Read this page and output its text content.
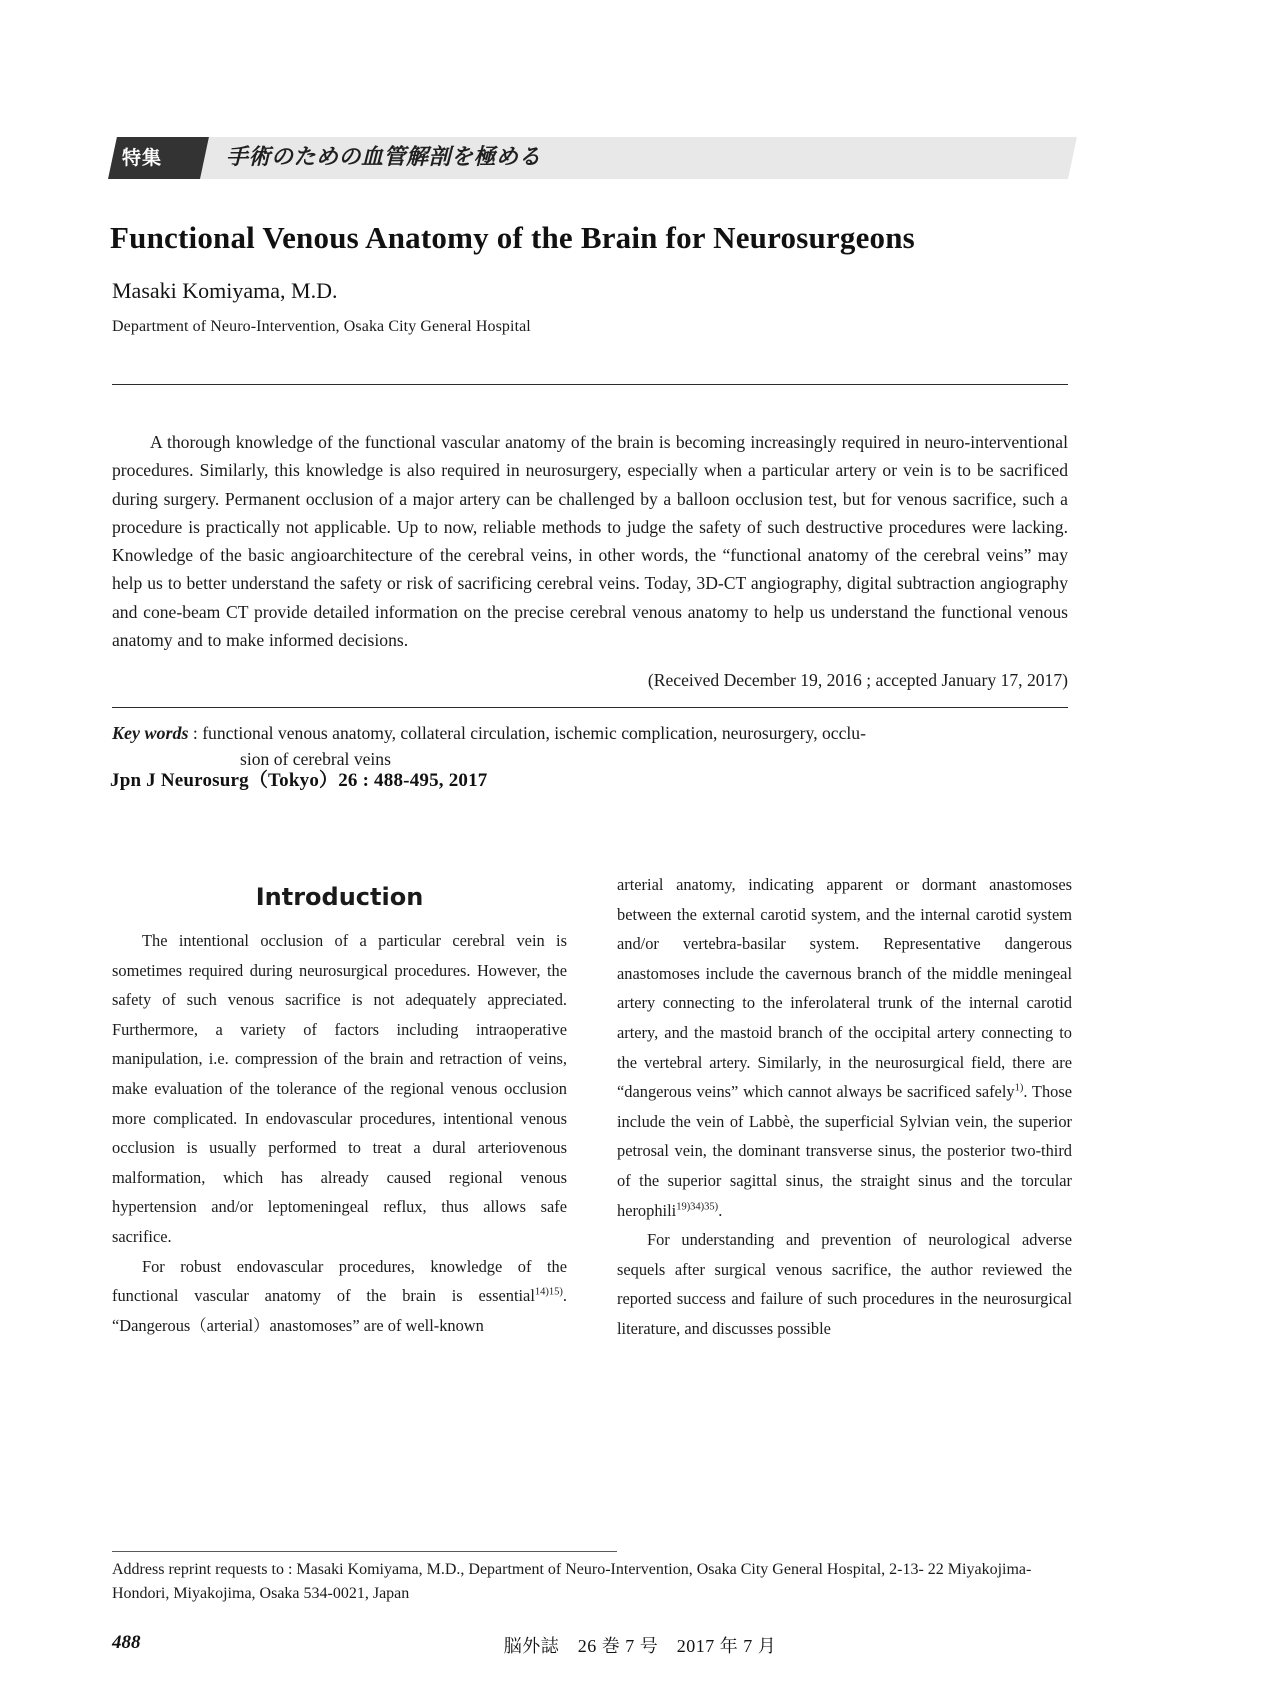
特集	手術のための血管解剖を極める
Functional Venous Anatomy of the Brain for Neurosurgeons
Masaki Komiyama, M.D.
Department of Neuro-Intervention, Osaka City General Hospital
A thorough knowledge of the functional vascular anatomy of the brain is becoming increasingly required in neuro-interventional procedures. Similarly, this knowledge is also required in neurosurgery, especially when a particular artery or vein is to be sacrificed during surgery. Permanent occlusion of a major artery can be challenged by a balloon occlusion test, but for venous sacrifice, such a procedure is practically not applicable. Up to now, reliable methods to judge the safety of such destructive procedures were lacking. Knowledge of the basic angioarchitecture of the cerebral veins, in other words, the “functional anatomy of the cerebral veins” may help us to better understand the safety or risk of sacrificing cerebral veins. Today, 3D-CT angiography, digital subtraction angiography and cone-beam CT provide detailed information on the precise cerebral venous anatomy to help us understand the functional venous anatomy and to make informed decisions.
(Received December 19, 2016 ; accepted January 17, 2017)
Key words : functional venous anatomy, collateral circulation, ischemic complication, neurosurgery, occlu-
sion of cerebral veins
Jpn J Neurosurg（Tokyo）26 : 488-495, 2017
Introduction

The intentional occlusion of a particular cerebral vein is sometimes required during neurosurgical procedures. However, the safety of such venous sacrifice is not adequately appreciated. Furthermore, a variety of factors including intraoperative manipulation, i.e. compression of the brain and retraction of veins, make evaluation of the tolerance of the regional venous occlusion more complicated. In endovascular procedures, intentional venous occlusion is usually performed to treat a dural arteriovenous malformation, which has already caused regional venous hypertension and/or leptomeningeal reflux, thus allows safe sacrifice.

For robust endovascular procedures, knowledge of the functional vascular anatomy of the brain is essential$^{14)15)}$. “Dangerous（arterial）anastomoses” are of well-known

arterial anatomy, indicating apparent or dormant anastomoses between the external carotid system, and the internal carotid system and/or vertebra-basilar system. Representative dangerous anastomoses include the cavernous branch of the middle meningeal artery connecting to the inferolateral trunk of the internal carotid artery, and the mastoid branch of the occipital artery connecting to the vertebral artery. Similarly, in the neurosurgical field, there are “dangerous veins” which cannot always be sacrificed safely$^{1)}$. Those include the vein of Labbè, the superficial Sylvian vein, the superior petrosal vein, the dominant transverse sinus, the posterior two-third of the superior sagittal sinus, the straight sinus and the torcular herophili$^{19)34)35)}$.

For understanding and prevention of neurological adverse sequels after surgical venous sacrifice, the author reviewed the reported success and failure of such procedures in the neurosurgical literature, and discusses possible

Address reprint requests to : Masaki Komiyama, M.D., Department of Neuro-Intervention, Osaka City General Hospital, 2-13- 22 Miyakojima-Hondori, Miyakojima, Osaka 534-0021, Japan
488	脳外誌　26 巻 7 号　2017 年 7 月
